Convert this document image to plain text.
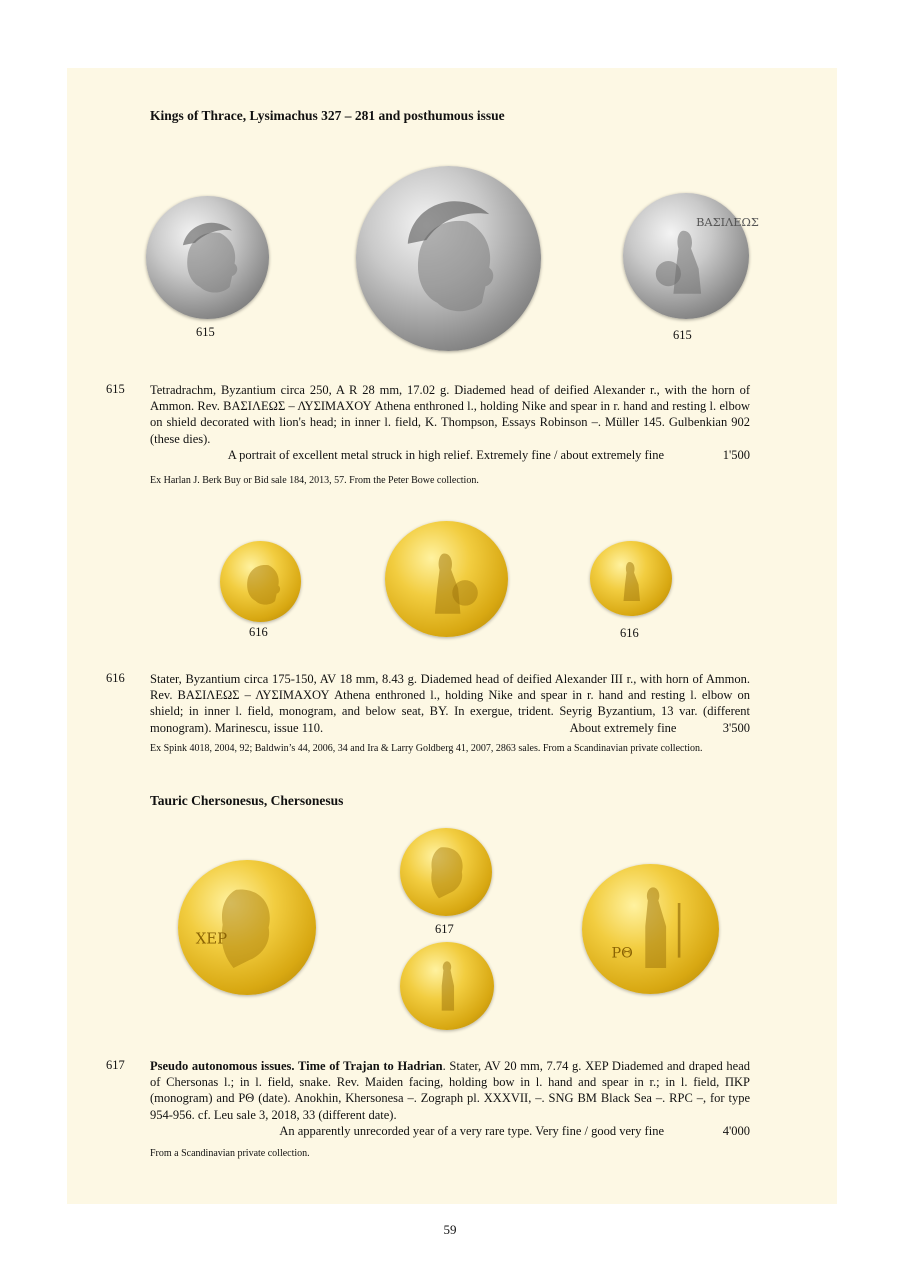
Kings of Thrace, Lysimachus 327 – 281 and posthumous issue
ΒΑΣΙΛΕΩΣ
615	615
615 Tetradrachm, Byzantium circa 250, A R 28 mm, 17.02 g. Diademed head of deified Alexander r., with the horn of Ammon. Rev. ΒΑΣΙΛΕΩΣ – ΛΥΣΙΜΑΧΟΥ Athena enthroned l., holding Nike and spear in r. hand and resting l. elbow on shield decorated with lion's head; in inner l. field, K. Thompson, Essays Robinson –. Müller 145. Gulbenkian 902 (these dies).

A portrait of excellent metal struck in high relief. Extremely fine / about extremely fine	1'500
Ex Harlan J. Berk Buy or Bid sale 184, 2013, 57. From the Peter Bowe collection.
616	616
616 Stater, Byzantium circa 175-150, AV 18 mm, 8.43 g. Diademed head of deified Alexander III r., with horn of Ammon. Rev. ΒΑΣΙΛΕΩΣ – ΛΥΣΙΜΑΧΟΥ Athena enthroned l., holding Nike and spear in r. hand and resting l. elbow on shield; in inner l. field, monogram, and below seat, BY. In exergue, trident. Seyrig Byzantium, 13 var. (different monogram). Marinescu, issue 110.	About extremely fine	3'500

Ex Spink 4018, 2004, 92; Baldwin’s 44, 2006, 34 and Ira & Larry Goldberg 41, 2007, 2863 sales. From a Scandinavian private collection.
Tauric Chersonesus, Chersonesus
ΧΕΡ
617
ΡΘ
617 Pseudo autonomous issues. Time of Trajan to Hadrian. Stater, AV 20 mm, 7.74 g. XEP Diademed and draped head of Chersonas l.; in l. field, snake. Rev. Maiden facing, holding bow in l. hand and spear in r.; in l. field, ΠΚΡ (monogram) and ΡΘ (date). Anokhin, Khersonesa –. Zograph pl. XXXVII, –. SNG BM Black Sea –. RPC –, for type 954-956. cf. Leu sale 3, 2018, 33 (different date).

An apparently unrecorded year of a very rare type. Very fine / good very fine	4'000
From a Scandinavian private collection.
59
